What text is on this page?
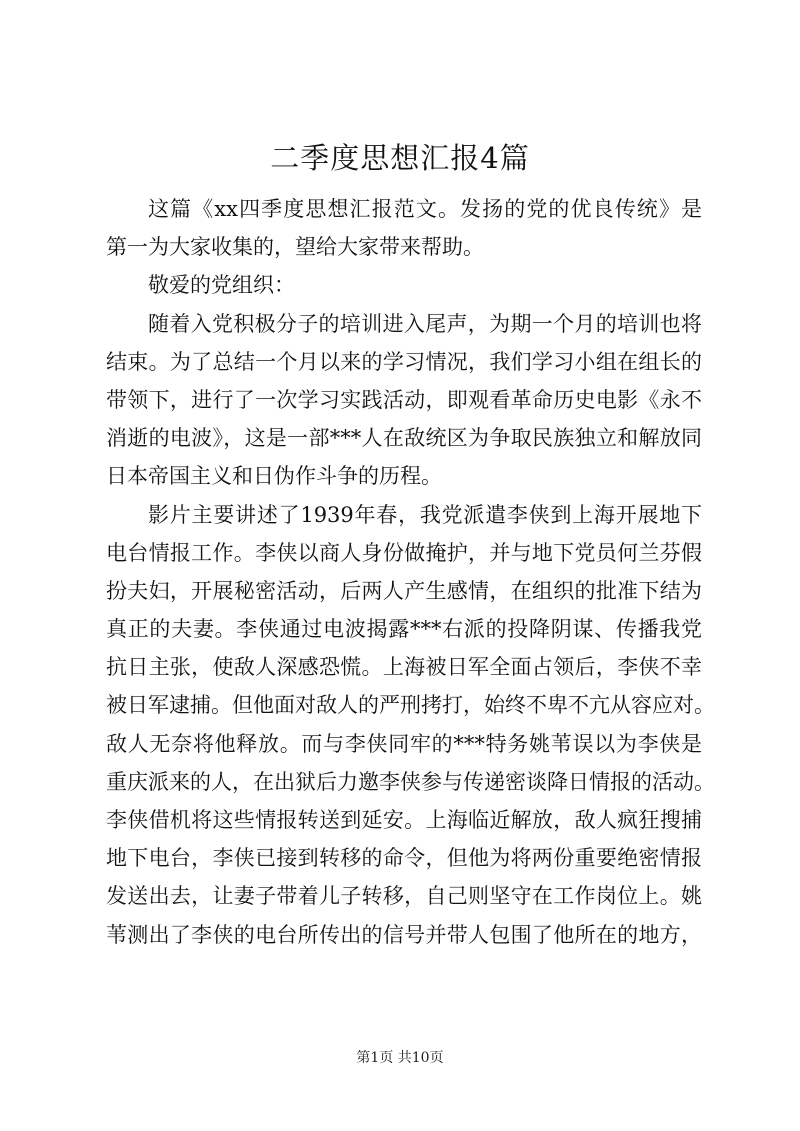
二季度思想汇报4篇
这篇《xx四季度思想汇报范文。发扬的党的优良传统》是
第一为大家收集的，望给大家带来帮助。
敬爱的党组织：
随着入党积极分子的培训进入尾声，为期一个月的培训也将
结束。为了总结一个月以来的学习情况，我们学习小组在组长的
带领下，进行了一次学习实践活动，即观看革命历史电影《永不
消逝的电波》，这是一部***人在敌统区为争取民族独立和解放同
日本帝国主义和日伪作斗争的历程。
影片主要讲述了1939年春，我党派遣李侠到上海开展地下
电台情报工作。李侠以商人身份做掩护，并与地下党员何兰芬假
扮夫妇，开展秘密活动，后两人产生感情，在组织的批准下结为
真正的夫妻。李侠通过电波揭露***右派的投降阴谋、传播我党
抗日主张，使敌人深感恐慌。上海被日军全面占领后，李侠不幸
被日军逮捕。但他面对敌人的严刑拷打，始终不卑不亢从容应对。
敌人无奈将他释放。而与李侠同牢的***特务姚苇误以为李侠是
重庆派来的人，在出狱后力邀李侠参与传递密谈降日情报的活动。
李侠借机将这些情报转送到延安。上海临近解放，敌人疯狂搜捕
地下电台，李侠已接到转移的命令，但他为将两份重要绝密情报
发送出去，让妻子带着儿子转移，自己则坚守在工作岗位上。姚
苇测出了李侠的电台所传出的信号并带人包围了他所在的地方，
第1页 共10页
